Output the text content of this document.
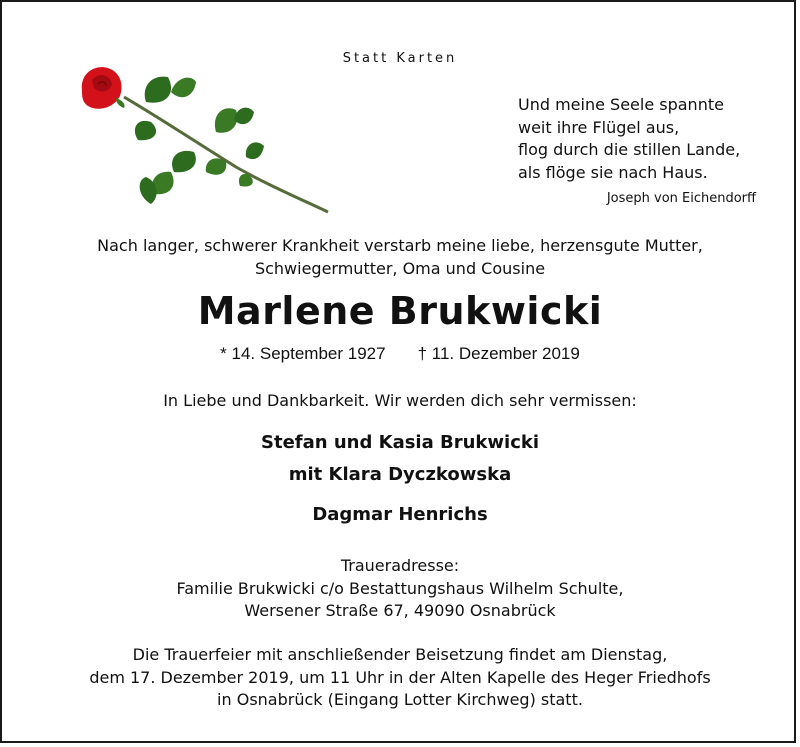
Statt Karten
Und meine Seele spannte
weit ihre Flügel aus,
flog durch die stillen Lande,
als flöge sie nach Haus.
Joseph von Eichendorff
Nach langer, schwerer Krankheit verstarb meine liebe, herzensgute Mutter,
Schwiegermutter, Oma und Cousine
Marlene Brukwicki
* 14. September 1927 † 11. Dezember 2019
In Liebe und Dankbarkeit. Wir werden dich sehr vermissen:
Stefan und Kasia Brukwicki
mit Klara Dyczkowska
Dagmar Henrichs
Traueradresse:
Familie Brukwicki c/o Bestattungshaus Wilhelm Schulte,
Wersener Straße 67, 49090 Osnabrück
Die Trauerfeier mit anschließender Beisetzung findet am Dienstag,
dem 17. Dezember 2019, um 11 Uhr in der Alten Kapelle des Heger Friedhofs
in Osnabrück (Eingang Lotter Kirchweg) statt.
